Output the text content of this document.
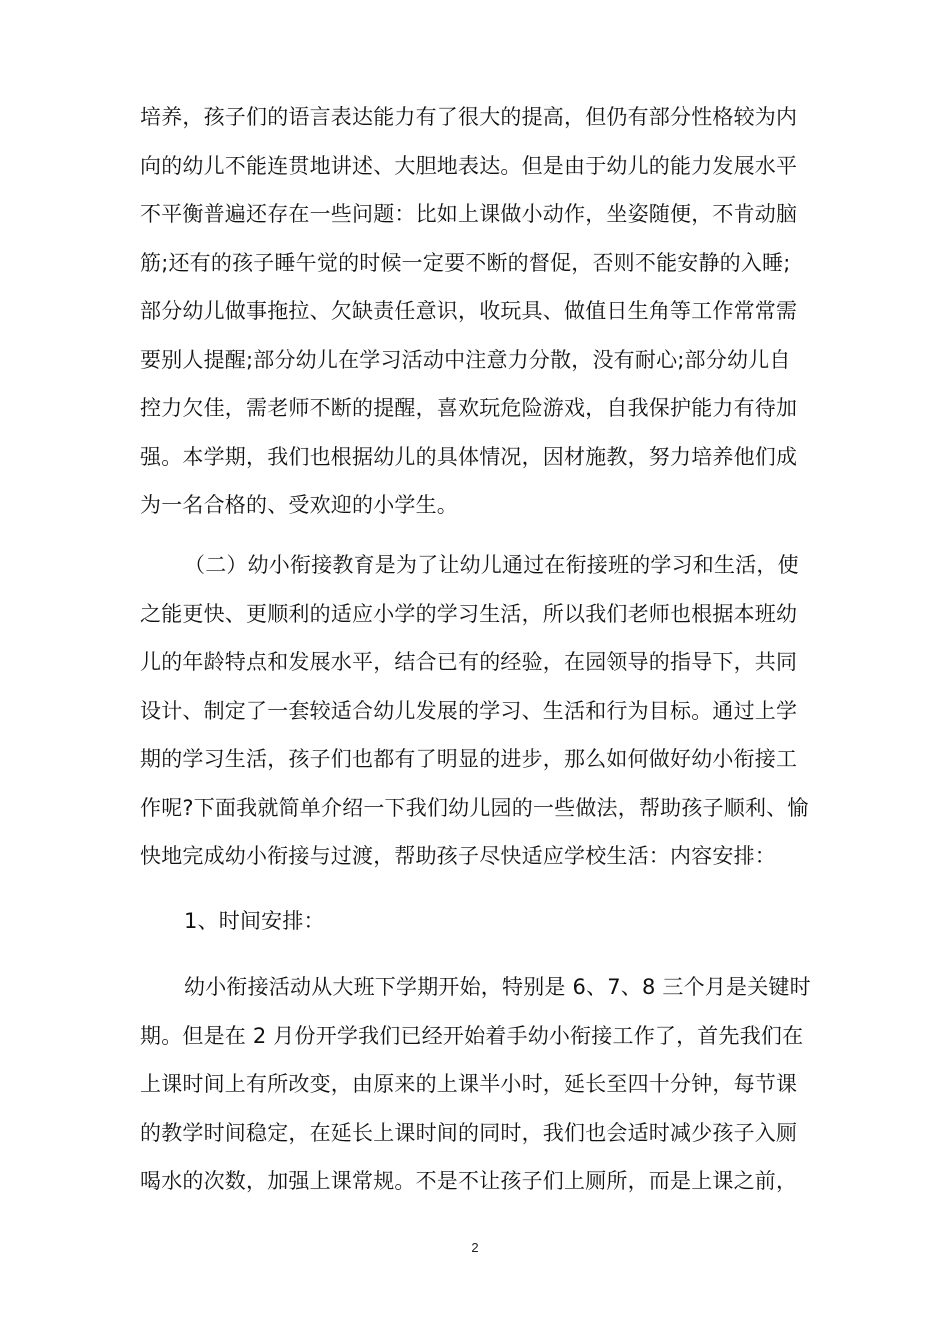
培养，孩子们的语言表达能力有了很大的提高，但仍有部分性格较为内
向的幼儿不能连贯地讲述、大胆地表达。但是由于幼儿的能力发展水平
不平衡普遍还存在一些问题：比如上课做小动作，坐姿随便，不肯动脑
筋;还有的孩子睡午觉的时候一定要不断的督促，否则不能安静的入睡;
部分幼儿做事拖拉、欠缺责任意识，收玩具、做值日生角等工作常常需
要别人提醒;部分幼儿在学习活动中注意力分散，没有耐心;部分幼儿自
控力欠佳，需老师不断的提醒，喜欢玩危险游戏，自我保护能力有待加
强。本学期，我们也根据幼儿的具体情况，因材施教，努力培养他们成
为一名合格的、受欢迎的小学生。
（二）幼小衔接教育是为了让幼儿通过在衔接班的学习和生活，使
之能更快、更顺利的适应小学的学习生活，所以我们老师也根据本班幼
儿的年龄特点和发展水平，结合已有的经验，在园领导的指导下，共同
设计、制定了一套较适合幼儿发展的学习、生活和行为目标。通过上学
期的学习生活，孩子们也都有了明显的进步，那么如何做好幼小衔接工
作呢?下面我就简单介绍一下我们幼儿园的一些做法，帮助孩子顺利、愉
快地完成幼小衔接与过渡，帮助孩子尽快适应学校生活：内容安排：
1、时间安排：
幼小衔接活动从大班下学期开始，特别是 6、7、8 三个月是关键时
期。但是在 2 月份开学我们已经开始着手幼小衔接工作了，首先我们在
上课时间上有所改变，由原来的上课半小时，延长至四十分钟，每节课
的教学时间稳定，在延长上课时间的同时，我们也会适时减少孩子入厕
喝水的次数，加强上课常规。不是不让孩子们上厕所，而是上课之前，
2
